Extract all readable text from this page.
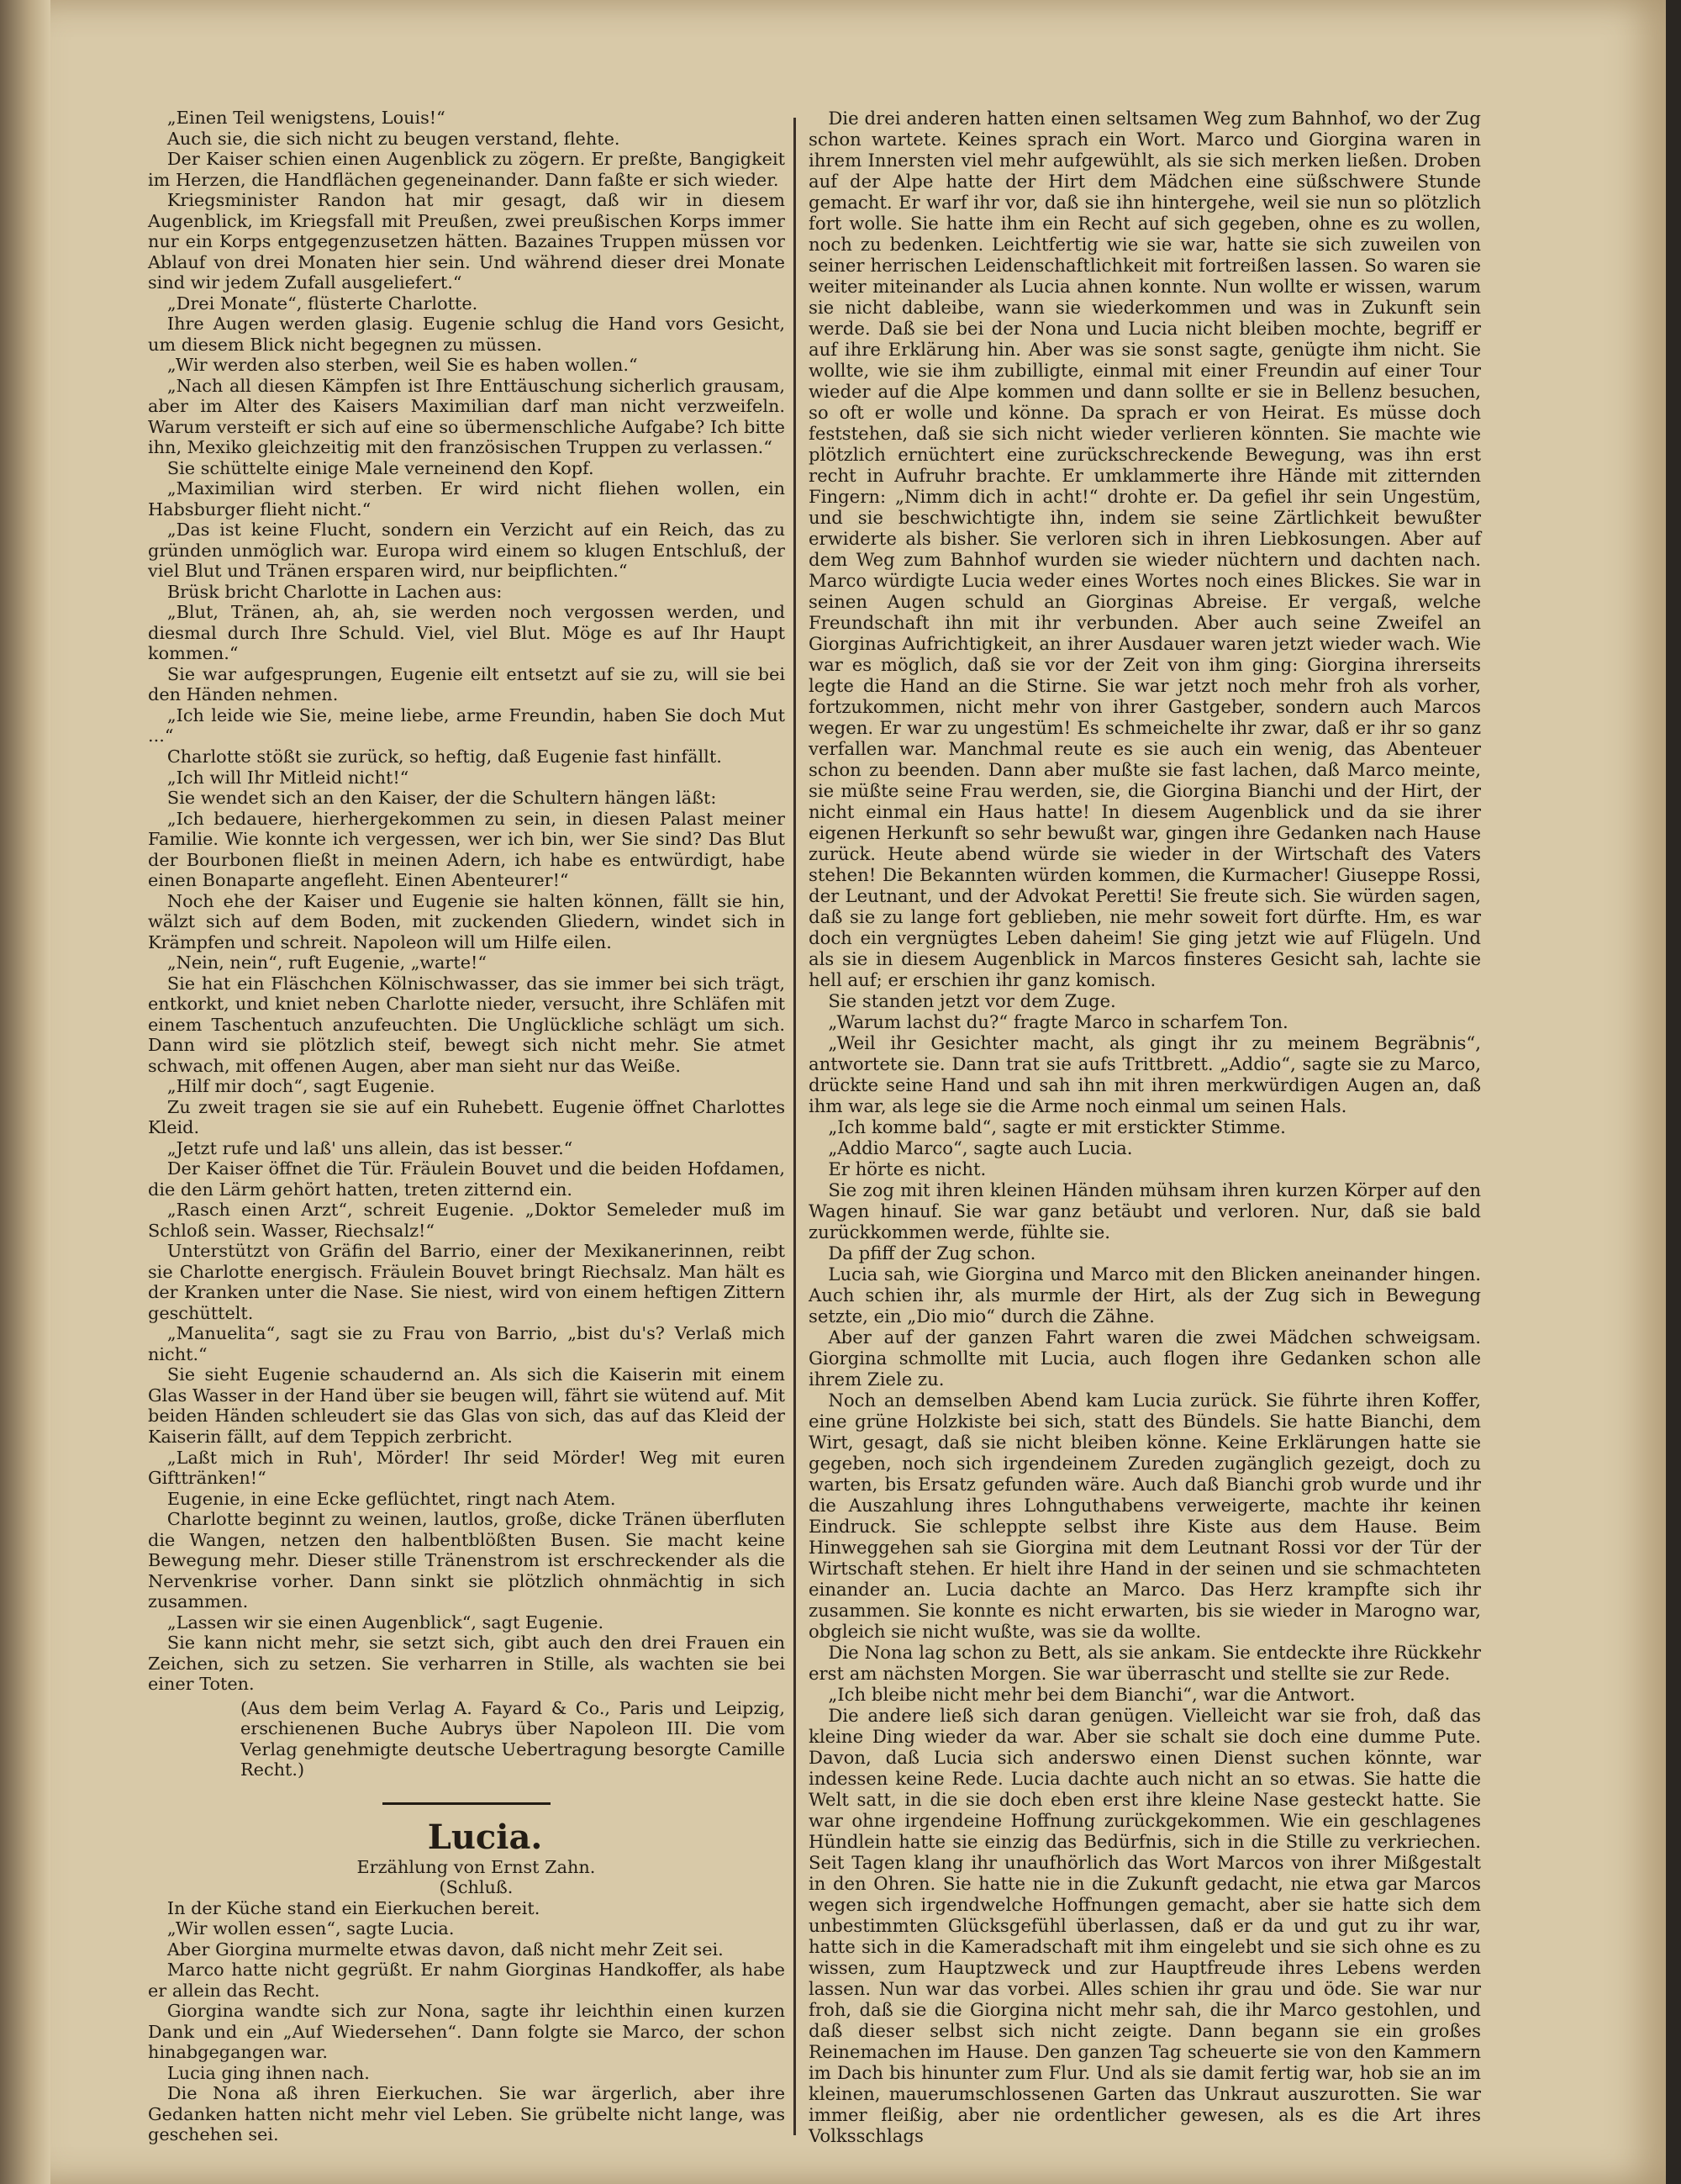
„Einen Teil wenigstens, Louis!“

Auch sie, die sich nicht zu beugen verstand, flehte.

Der Kaiser schien einen Augenblick zu zögern. Er preßte, Bangigkeit im Herzen, die Handflächen gegeneinander. Dann faßte er sich wieder.

Kriegsminister Randon hat mir gesagt, daß wir in diesem Augenblick, im Kriegsfall mit Preußen, zwei preußischen Korps immer nur ein Korps entgegenzusetzen hätten. Bazaines Truppen müssen vor Ablauf von drei Monaten hier sein. Und während dieser drei Monate sind wir jedem Zufall ausgeliefert.“

„Drei Monate“, flüsterte Charlotte.

Ihre Augen werden glasig. Eugenie schlug die Hand vors Gesicht, um diesem Blick nicht begegnen zu müssen.

„Wir werden also sterben, weil Sie es haben wollen.“

„Nach all diesen Kämpfen ist Ihre Enttäuschung sicherlich grausam, aber im Alter des Kaisers Maximilian darf man nicht verzweifeln. Warum versteift er sich auf eine so übermenschliche Aufgabe? Ich bitte ihn, Mexiko gleichzeitig mit den französischen Truppen zu verlassen.“

Sie schüttelte einige Male verneinend den Kopf.

„Maximilian wird sterben. Er wird nicht fliehen wollen, ein Habsburger flieht nicht.“

„Das ist keine Flucht, sondern ein Verzicht auf ein Reich, das zu gründen unmöglich war. Europa wird einem so klugen Entschluß, der viel Blut und Tränen ersparen wird, nur beipflichten.“

Brüsk bricht Charlotte in Lachen aus:

„Blut, Tränen, ah, ah, sie werden noch vergossen werden, und diesmal durch Ihre Schuld. Viel, viel Blut. Möge es auf Ihr Haupt kommen.“

Sie war aufgesprungen, Eugenie eilt entsetzt auf sie zu, will sie bei den Händen nehmen.

„Ich leide wie Sie, meine liebe, arme Freundin, haben Sie doch Mut ...“

Charlotte stößt sie zurück, so heftig, daß Eugenie fast hinfällt.

„Ich will Ihr Mitleid nicht!“

Sie wendet sich an den Kaiser, der die Schultern hängen läßt:

„Ich bedauere, hierhergekommen zu sein, in diesen Palast meiner Familie. Wie konnte ich vergessen, wer ich bin, wer Sie sind? Das Blut der Bourbonen fließt in meinen Adern, ich habe es entwürdigt, habe einen Bonaparte angefleht. Einen Abenteurer!“

Noch ehe der Kaiser und Eugenie sie halten können, fällt sie hin, wälzt sich auf dem Boden, mit zuckenden Gliedern, windet sich in Krämpfen und schreit. Napoleon will um Hilfe eilen.

„Nein, nein“, ruft Eugenie, „warte!“

Sie hat ein Fläschchen Kölnischwasser, das sie immer bei sich trägt, entkorkt, und kniet neben Charlotte nieder, versucht, ihre Schläfen mit einem Taschentuch anzufeuchten. Die Unglückliche schlägt um sich. Dann wird sie plötzlich steif, bewegt sich nicht mehr. Sie atmet schwach, mit offenen Augen, aber man sieht nur das Weiße.

„Hilf mir doch“, sagt Eugenie.

Zu zweit tragen sie sie auf ein Ruhebett. Eugenie öffnet Charlottes Kleid.

„Jetzt rufe und laß' uns allein, das ist besser.“

Der Kaiser öffnet die Tür. Fräulein Bouvet und die beiden Hofdamen, die den Lärm gehört hatten, treten zitternd ein.

„Rasch einen Arzt“, schreit Eugenie. „Doktor Semeleder muß im Schloß sein. Wasser, Riechsalz!“

Unterstützt von Gräfin del Barrio, einer der Mexikanerinnen, reibt sie Charlotte energisch. Fräulein Bouvet bringt Riechsalz. Man hält es der Kranken unter die Nase. Sie niest, wird von einem heftigen Zittern geschüttelt.

„Manuelita“, sagt sie zu Frau von Barrio, „bist du's? Verlaß mich nicht.“

Sie sieht Eugenie schaudernd an. Als sich die Kaiserin mit einem Glas Wasser in der Hand über sie beugen will, fährt sie wütend auf. Mit beiden Händen schleudert sie das Glas von sich, das auf das Kleid der Kaiserin fällt, auf dem Teppich zerbricht.

„Laßt mich in Ruh', Mörder! Ihr seid Mörder! Weg mit euren Gifttränken!“

Eugenie, in eine Ecke geflüchtet, ringt nach Atem.

Charlotte beginnt zu weinen, lautlos, große, dicke Tränen überfluten die Wangen, netzen den halbentblößten Busen. Sie macht keine Bewegung mehr. Dieser stille Tränenstrom ist erschreckender als die Nervenkrise vorher. Dann sinkt sie plötzlich ohnmächtig in sich zusammen.

„Lassen wir sie einen Augenblick“, sagt Eugenie.

Sie kann nicht mehr, sie setzt sich, gibt auch den drei Frauen ein Zeichen, sich zu setzen. Sie verharren in Stille, als wachten sie bei einer Toten.

(Aus dem beim Verlag A. Fayard & Co., Paris und Leipzig, erschienenen Buche Aubrys über Napoleon III. Die vom Verlag genehmigte deutsche Uebertragung besorgte Camille Recht.)

Lucia.

Erzählung von Ernst Zahn.

(Schluß.

In der Küche stand ein Eierkuchen bereit.

„Wir wollen essen“, sagte Lucia.

Aber Giorgina murmelte etwas davon, daß nicht mehr Zeit sei.

Marco hatte nicht gegrüßt. Er nahm Giorginas Handkoffer, als habe er allein das Recht.

Giorgina wandte sich zur Nona, sagte ihr leichthin einen kurzen Dank und ein „Auf Wiedersehen“. Dann folgte sie Marco, der schon hinabgegangen war.

Lucia ging ihnen nach.

Die Nona aß ihren Eierkuchen. Sie war ärgerlich, aber ihre Gedanken hatten nicht mehr viel Leben. Sie grübelte nicht lange, was geschehen sei.

Die drei anderen hatten einen seltsamen Weg zum Bahnhof, wo der Zug schon wartete. Keines sprach ein Wort. Marco und Giorgina waren in ihrem Innersten viel mehr aufgewühlt, als sie sich merken ließen. Droben auf der Alpe hatte der Hirt dem Mädchen eine süßschwere Stunde gemacht. Er warf ihr vor, daß sie ihn hintergehe, weil sie nun so plötzlich fort wolle. Sie hatte ihm ein Recht auf sich gegeben, ohne es zu wollen, noch zu bedenken. Leichtfertig wie sie war, hatte sie sich zuweilen von seiner herrischen Leidenschaftlichkeit mit fortreißen lassen. So waren sie weiter miteinander als Lucia ahnen konnte. Nun wollte er wissen, warum sie nicht dableibe, wann sie wiederkommen und was in Zukunft sein werde. Daß sie bei der Nona und Lucia nicht bleiben mochte, begriff er auf ihre Erklärung hin. Aber was sie sonst sagte, genügte ihm nicht. Sie wollte, wie sie ihm zubilligte, einmal mit einer Freundin auf einer Tour wieder auf die Alpe kommen und dann sollte er sie in Bellenz besuchen, so oft er wolle und könne. Da sprach er von Heirat. Es müsse doch feststehen, daß sie sich nicht wieder verlieren könnten. Sie machte wie plötzlich ernüchtert eine zurückschreckende Bewegung, was ihn erst recht in Aufruhr brachte. Er umklammerte ihre Hände mit zitternden Fingern: „Nimm dich in acht!“ drohte er. Da gefiel ihr sein Ungestüm, und sie beschwichtigte ihn, indem sie seine Zärtlichkeit bewußter erwiderte als bisher. Sie verloren sich in ihren Liebkosungen. Aber auf dem Weg zum Bahnhof wurden sie wieder nüchtern und dachten nach. Marco würdigte Lucia weder eines Wortes noch eines Blickes. Sie war in seinen Augen schuld an Giorginas Abreise. Er vergaß, welche Freundschaft ihn mit ihr verbunden. Aber auch seine Zweifel an Giorginas Aufrichtigkeit, an ihrer Ausdauer waren jetzt wieder wach. Wie war es möglich, daß sie vor der Zeit von ihm ging: Giorgina ihrerseits legte die Hand an die Stirne. Sie war jetzt noch mehr froh als vorher, fortzukommen, nicht mehr von ihrer Gastgeber, sondern auch Marcos wegen. Er war zu ungestüm! Es schmeichelte ihr zwar, daß er ihr so ganz verfallen war. Manchmal reute es sie auch ein wenig, das Abenteuer schon zu beenden. Dann aber mußte sie fast lachen, daß Marco meinte, sie müßte seine Frau werden, sie, die Giorgina Bianchi und der Hirt, der nicht einmal ein Haus hatte! In diesem Augenblick und da sie ihrer eigenen Herkunft so sehr bewußt war, gingen ihre Gedanken nach Hause zurück. Heute abend würde sie wieder in der Wirtschaft des Vaters stehen! Die Bekannten würden kommen, die Kurmacher! Giuseppe Rossi, der Leutnant, und der Advokat Peretti! Sie freute sich. Sie würden sagen, daß sie zu lange fort geblieben, nie mehr soweit fort dürfte. Hm, es war doch ein vergnügtes Leben daheim! Sie ging jetzt wie auf Flügeln. Und als sie in diesem Augenblick in Marcos finsteres Gesicht sah, lachte sie hell auf; er erschien ihr ganz komisch.

Sie standen jetzt vor dem Zuge.

„Warum lachst du?“ fragte Marco in scharfem Ton.

„Weil ihr Gesichter macht, als gingt ihr zu meinem Begräbnis“, antwortete sie. Dann trat sie aufs Trittbrett. „Addio“, sagte sie zu Marco, drückte seine Hand und sah ihn mit ihren merkwürdigen Augen an, daß ihm war, als lege sie die Arme noch einmal um seinen Hals.

„Ich komme bald“, sagte er mit erstickter Stimme.

„Addio Marco“, sagte auch Lucia.

Er hörte es nicht.

Sie zog mit ihren kleinen Händen mühsam ihren kurzen Körper auf den Wagen hinauf. Sie war ganz betäubt und verloren. Nur, daß sie bald zurückkommen werde, fühlte sie.

Da pfiff der Zug schon.

Lucia sah, wie Giorgina und Marco mit den Blicken aneinander hingen. Auch schien ihr, als murmle der Hirt, als der Zug sich in Bewegung setzte, ein „Dio mio“ durch die Zähne.

Aber auf der ganzen Fahrt waren die zwei Mädchen schweigsam. Giorgina schmollte mit Lucia, auch flogen ihre Gedanken schon alle ihrem Ziele zu.

Noch an demselben Abend kam Lucia zurück. Sie führte ihren Koffer, eine grüne Holzkiste bei sich, statt des Bündels. Sie hatte Bianchi, dem Wirt, gesagt, daß sie nicht bleiben könne. Keine Erklärungen hatte sie gegeben, noch sich irgendeinem Zureden zugänglich gezeigt, doch zu warten, bis Ersatz gefunden wäre. Auch daß Bianchi grob wurde und ihr die Auszahlung ihres Lohnguthabens verweigerte, machte ihr keinen Eindruck. Sie schleppte selbst ihre Kiste aus dem Hause. Beim Hinweggehen sah sie Giorgina mit dem Leutnant Rossi vor der Tür der Wirtschaft stehen. Er hielt ihre Hand in der seinen und sie schmachteten einander an. Lucia dachte an Marco. Das Herz krampfte sich ihr zusammen. Sie konnte es nicht erwarten, bis sie wieder in Marogno war, obgleich sie nicht wußte, was sie da wollte.

Die Nona lag schon zu Bett, als sie ankam. Sie entdeckte ihre Rückkehr erst am nächsten Morgen. Sie war überrascht und stellte sie zur Rede.

„Ich bleibe nicht mehr bei dem Bianchi“, war die Antwort.

Die andere ließ sich daran genügen. Vielleicht war sie froh, daß das kleine Ding wieder da war. Aber sie schalt sie doch eine dumme Pute. Davon, daß Lucia sich anderswo einen Dienst suchen könnte, war indessen keine Rede. Lucia dachte auch nicht an so etwas. Sie hatte die Welt satt, in die sie doch eben erst ihre kleine Nase gesteckt hatte. Sie war ohne irgendeine Hoffnung zurückgekommen. Wie ein geschlagenes Hündlein hatte sie einzig das Bedürfnis, sich in die Stille zu verkriechen. Seit Tagen klang ihr unaufhörlich das Wort Marcos von ihrer Mißgestalt in den Ohren. Sie hatte nie in die Zukunft gedacht, nie etwa gar Marcos wegen sich irgendwelche Hoffnungen gemacht, aber sie hatte sich dem unbestimmten Glücksgefühl überlassen, daß er da und gut zu ihr war, hatte sich in die Kameradschaft mit ihm eingelebt und sie sich ohne es zu wissen, zum Hauptzweck und zur Hauptfreude ihres Lebens werden lassen. Nun war das vorbei. Alles schien ihr grau und öde. Sie war nur froh, daß sie die Giorgina nicht mehr sah, die ihr Marco gestohlen, und daß dieser selbst sich nicht zeigte. Dann begann sie ein großes Reinemachen im Hause. Den ganzen Tag scheuerte sie von den Kammern im Dach bis hinunter zum Flur. Und als sie damit fertig war, hob sie an im kleinen, mauerumschlossenen Garten das Unkraut auszurotten. Sie war immer fleißig, aber nie ordentlicher gewesen, als es die Art ihres Volksschlags
